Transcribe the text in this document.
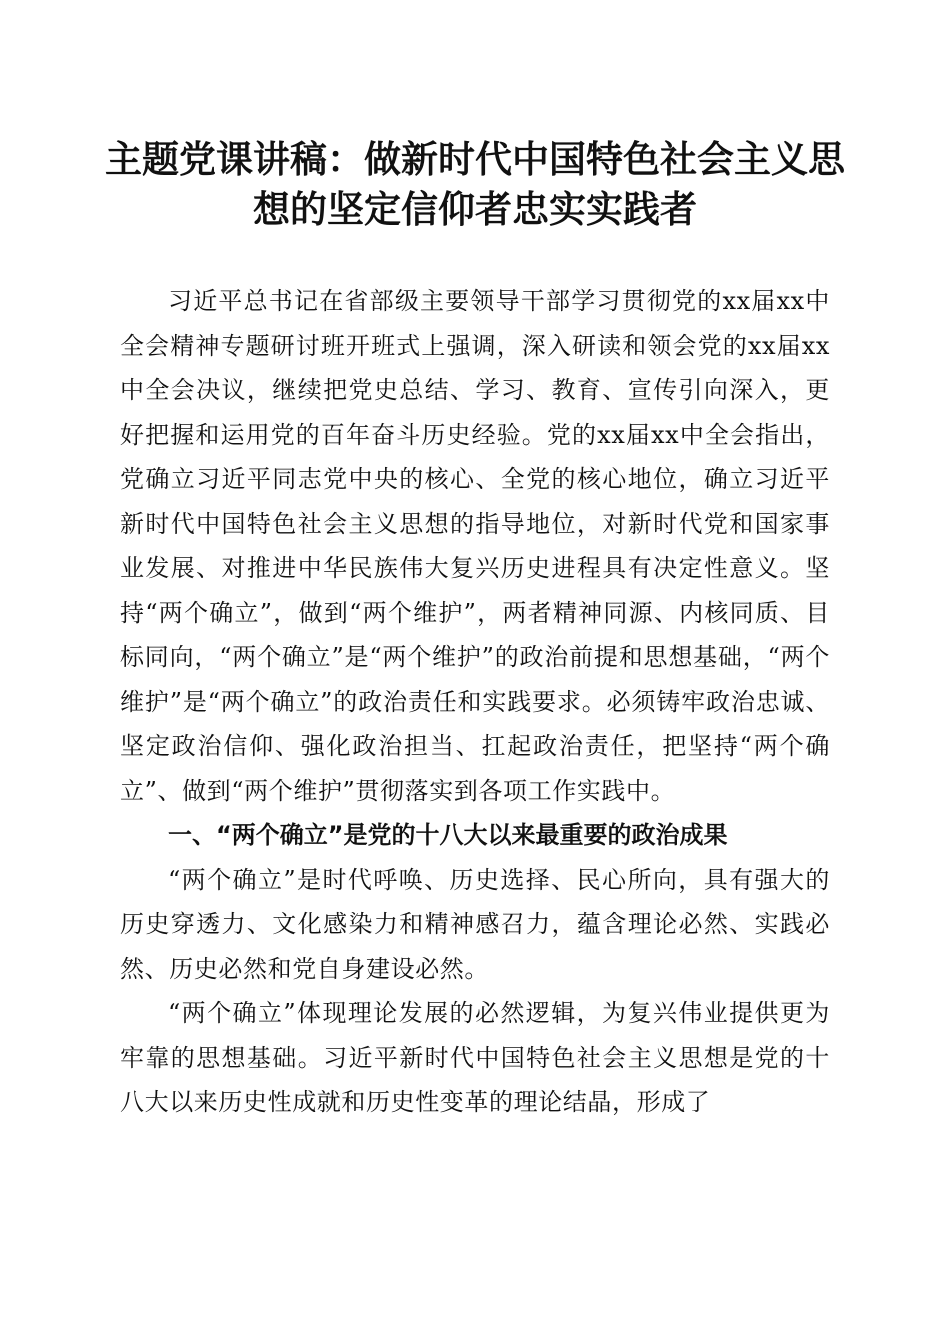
主题党课讲稿：做新时代中国特色社会主义思
想的坚定信仰者忠实实践者

习近平总书记在省部级主要领导干部学习贯彻党的xx届xx中全会精神专题研讨班开班式上强调，深入研读和领会党的xx届xx中全会决议，继续把党史总结、学习、教育、宣传引向深入，更好把握和运用党的百年奋斗历史经验。党的xx届xx中全会指出，党确立习近平同志党中央的核心、全党的核心地位，确立习近平新时代中国特色社会主义思想的指导地位，对新时代党和国家事业发展、对推进中华民族伟大复兴历史进程具有决定性意义。坚持“两个确立”，做到“两个维护”，两者精神同源、内核同质、目标同向，“两个确立”是“两个维护”的政治前提和思想基础，“两个维护”是“两个确立”的政治责任和实践要求。必须铸牢政治忠诚、坚定政治信仰、强化政治担当、扛起政治责任，把坚持“两个确立”、做到“两个维护”贯彻落实到各项工作实践中。

一、“两个确立”是党的十八大以来最重要的政治成果

“两个确立”是时代呼唤、历史选择、民心所向，具有强大的历史穿透力、文化感染力和精神感召力，蕴含理论必然、实践必然、历史必然和党自身建设必然。

“两个确立”体现理论发展的必然逻辑，为复兴伟业提供更为牢靠的思想基础。习近平新时代中国特色社会主义思想是党的十八大以来历史性成就和历史性变革的理论结晶，形成了
